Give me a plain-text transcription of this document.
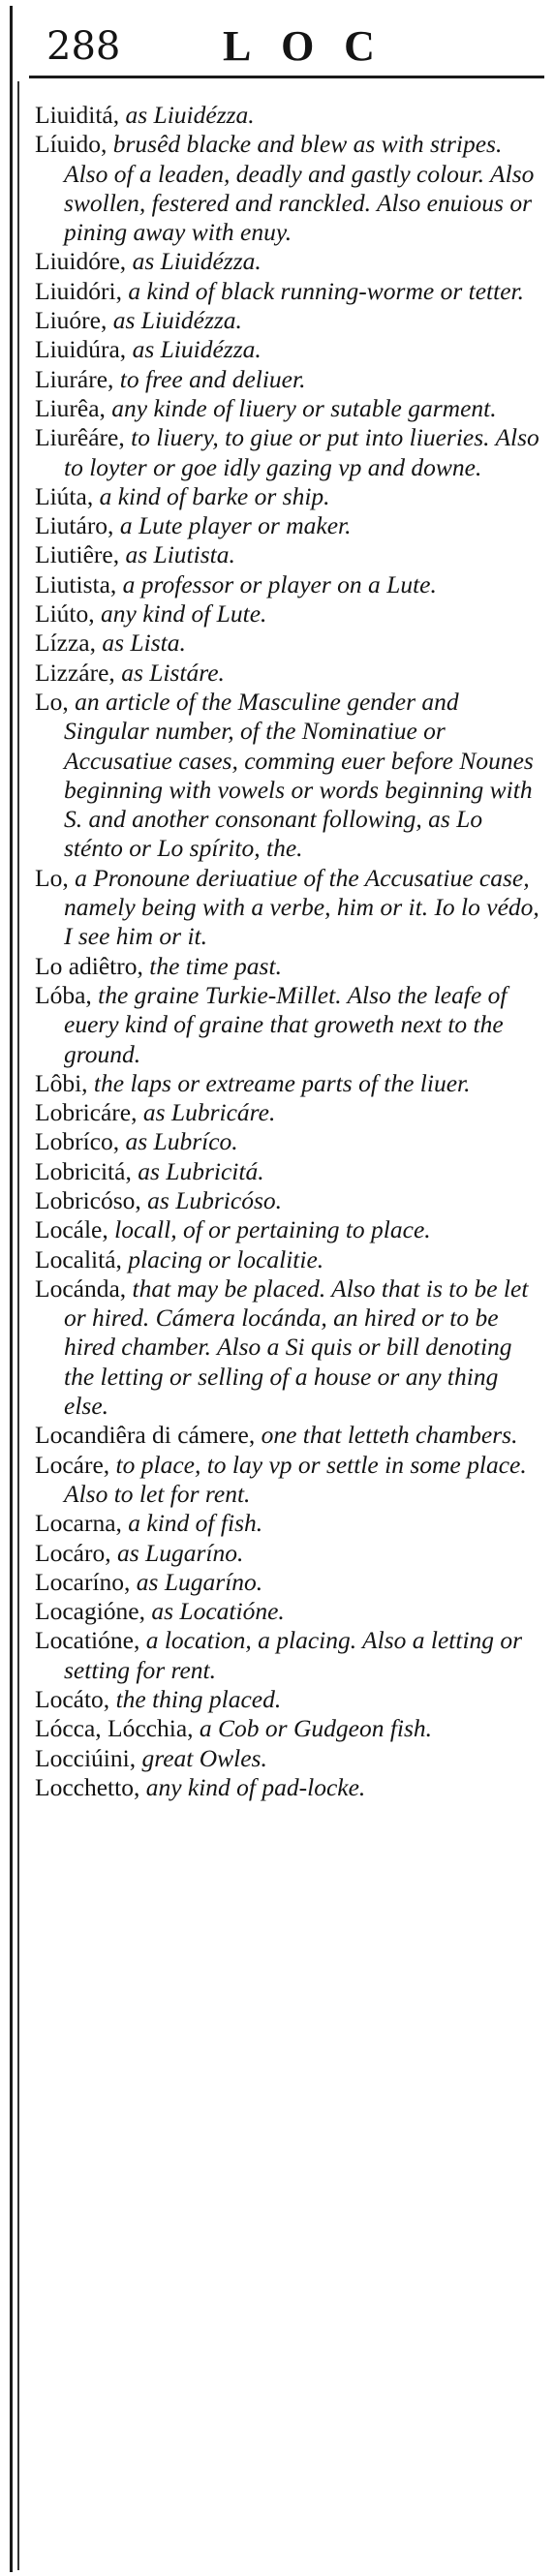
288 LOC

Liuiditá, as Liuidézza.

Líuido, brusêd blacke and blew as with stripes. Also of a leaden, deadly and gastly colour. Also swollen, festered and ranckled. Also enuious or pining away with enuy.

Liuidóre, as Liuidézza.

Liuidóri, a kind of black running-worme or tetter.

Liuóre, as Liuidézza.

Liuidúra, as Liuidézza.

Liuráre, to free and deliuer.

Liurêa, any kinde of liuery or sutable garment.

Liurêáre, to liuery, to giue or put into liueries. Also to loyter or goe idly gazing vp and downe.

Liúta, a kind of barke or ship.

Liutáro, a Lute player or maker.

Liutiêre, as Liutista.

Liutista, a professor or player on a Lute.

Liúto, any kind of Lute.

Lízza, as Lista.

Lizzáre, as Listáre.

Lo, an article of the Masculine gender and Singular number, of the Nominatiue or Accusatiue cases, comming euer before Nounes beginning with vowels or words beginning with S. and another consonant following, as Lo sténto or Lo spírito, the.

Lo, a Pronoune deriuatiue of the Accusatiue case, namely being with a verbe, him or it. Io lo védo, I see him or it.

Lo adiêtro, the time past.

Lóba, the graine Turkie-Millet. Also the leafe of euery kind of graine that groweth next to the ground.

Lôbi, the laps or extreame parts of the liuer.

Lobricáre, as Lubricáre.

Lobríco, as Lubríco.

Lobricitá, as Lubricitá.

Lobricóso, as Lubricóso.

Locále, locall, of or pertaining to place.

Localitá, placing or localitie.

Locánda, that may be placed. Also that is to be let or hired. Cámera locánda, an hired or to be hired chamber. Also a Si quis or bill denoting the letting or selling of a house or any thing else.

Locandiêra di cámere, one that letteth chambers.

Locáre, to place, to lay vp or settle in some place. Also to let for rent.

Locarna, a kind of fish.

Locáro, as Lugaríno.

Locaríno, as Lugaríno.

Locagióne, as Locatióne.

Locatióne, a location, a placing. Also a letting or setting for rent.

Locáto, the thing placed.

Lócca, Lócchia, a Cob or Gudgeon fish.

Locciúini, great Owles.

Locchetto, any kind of pad-locke.
